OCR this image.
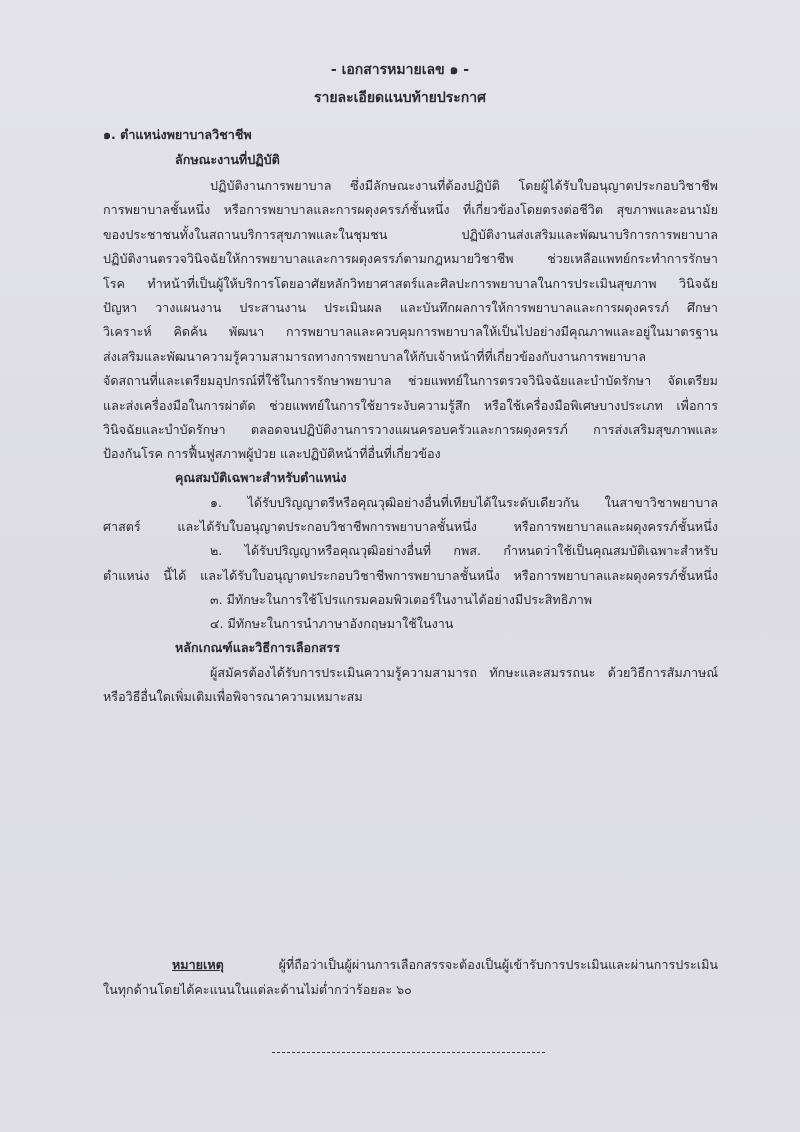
- เอกสารหมายเลข ๑ -
รายละเอียดแนบท้ายประกาศ
๑. ตำแหน่งพยาบาลวิชาชีพ
ลักษณะงานที่ปฏิบัติ
ปฏิบัติงานการพยาบาล ซึ่งมีลักษณะงานที่ต้องปฏิบัติ โดยผู้ได้รับใบอนุญาตประกอบวิชาชีพ
การพยาบาลชั้นหนึ่ง หรือการพยาบาลและการผดุงครรภ์ชั้นหนึ่ง ที่เกี่ยวข้องโดยตรงต่อชีวิต สุขภาพและอนามัย
ของประชาชนทั้งในสถานบริการสุขภาพและในชุมชน ปฏิบัติงานส่งเสริมและพัฒนาบริการการพยาบาล
ปฏิบัติงานตรวจวินิจฉัยให้การพยาบาลและการผดุงครรภ์ตามกฎหมายวิชาชีพ ช่วยเหลือแพทย์กระทำการรักษา
โรค ทำหน้าที่เป็นผู้ให้บริการโดยอาศัยหลักวิทยาศาสตร์และศิลปะการพยาบาลในการประเมินสุขภาพ วินิจฉัย
ปัญหา วางแผนงาน ประสานงาน ประเมินผล และบันทึกผลการให้การพยาบาลและการผดุงครรภ์ ศึกษา
วิเคราะห์ คิดค้น พัฒนา การพยาบาลและควบคุมการพยาบาลให้เป็นไปอย่างมีคุณภาพและอยู่ในมาตรฐาน
ส่งเสริมและพัฒนาความรู้ความสามารถทางการพยาบาลให้กับเจ้าหน้าที่ที่เกี่ยวข้องกับงานการพยาบาล
จัดสถานที่และเตรียมอุปกรณ์ที่ใช้ในการรักษาพยาบาล ช่วยแพทย์ในการตรวจวินิจฉัยและบำบัดรักษา จัดเตรียม
และส่งเครื่องมือในการผ่าตัด ช่วยแพทย์ในการใช้ยาระงับความรู้สึก หรือใช้เครื่องมือพิเศษบางประเภท เพื่อการ
วินิจฉัยและบำบัดรักษา ตลอดจนปฏิบัติงานการวางแผนครอบครัวและการผดุงครรภ์ การส่งเสริมสุขภาพและ
ป้องกันโรค การฟื้นฟูสภาพผู้ป่วย และปฏิบัติหน้าที่อื่นที่เกี่ยวข้อง
คุณสมบัติเฉพาะสำหรับตำแหน่ง
๑. ได้รับปริญญาตรีหรือคุณวุฒิอย่างอื่นที่เทียบได้ในระดับเดียวกัน ในสาขาวิชาพยาบาล
ศาสตร์ และได้รับใบอนุญาตประกอบวิชาชีพการพยาบาลชั้นหนึ่ง หรือการพยาบาลและผดุงครรภ์ชั้นหนึ่ง
๒. ได้รับปริญญาหรือคุณวุฒิอย่างอื่นที่ กพส. กำหนดว่าใช้เป็นคุณสมบัติเฉพาะสำหรับ
ตำแหน่ง นี้ได้ และได้รับใบอนุญาตประกอบวิชาชีพการพยาบาลชั้นหนึ่ง หรือการพยาบาลและผดุงครรภ์ชั้นหนึ่ง
๓. มีทักษะในการใช้โปรแกรมคอมพิวเตอร์ในงานได้อย่างมีประสิทธิภาพ
๔. มีทักษะในการนำภาษาอังกฤษมาใช้ในงาน
หลักเกณฑ์และวิธีการเลือกสรร
ผู้สมัครต้องได้รับการประเมินความรู้ความสามารถ ทักษะและสมรรถนะ ด้วยวิธีการสัมภาษณ์
หรือวิธีอื่นใดเพิ่มเติมเพื่อพิจารณาความเหมาะสม
หมายเหตุ	ผู้ที่ถือว่าเป็นผู้ผ่านการเลือกสรรจะต้องเป็นผู้เข้ารับการประเมินและผ่านการประเมิน
ในทุกด้านโดยได้คะแนนในแต่ละด้านไม่ต่ำกว่าร้อยละ ๖๐
